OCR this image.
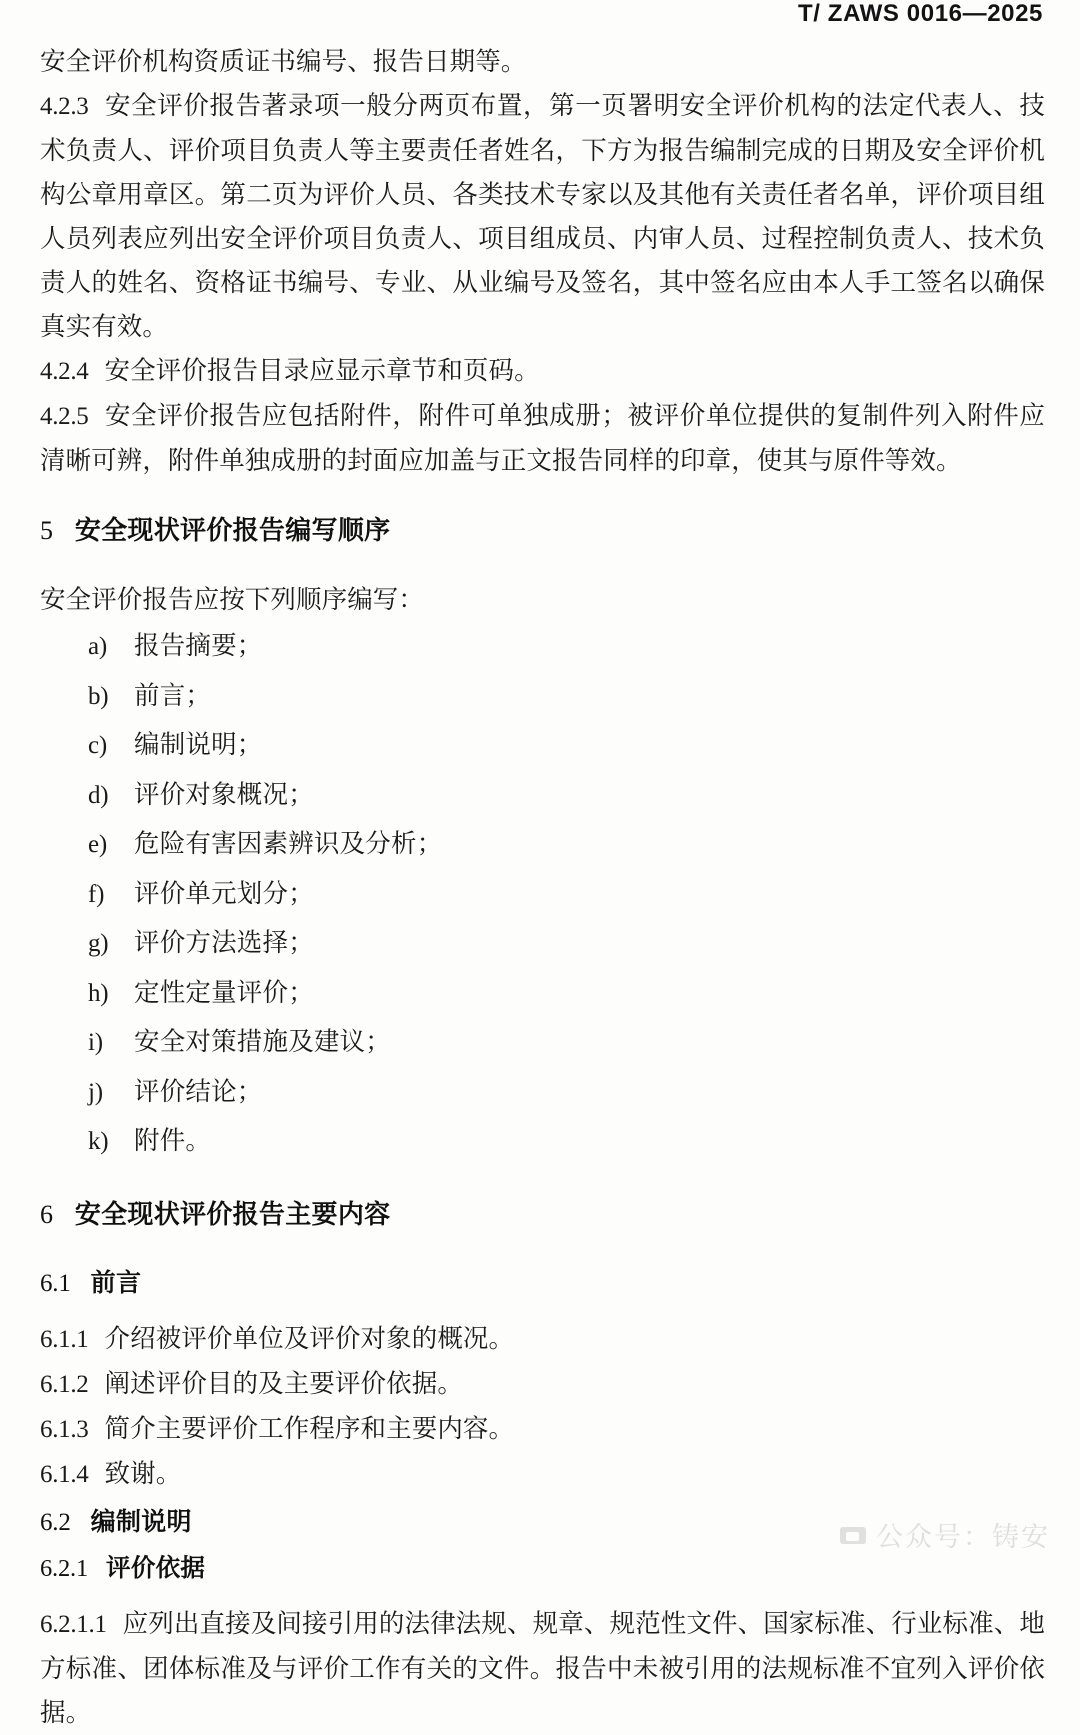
T/ ZAWS 0016—2025

安全评价机构资质证书编号、报告日期等。

4.2.3 安全评价报告著录项一般分两页布置，第一页署明安全评价机构的法定代表人、技术负责人、评价项目负责人等主要责任者姓名，下方为报告编制完成的日期及安全评价机构公章用章区。第二页为评价人员、各类技术专家以及其他有关责任者名单，评价项目组人员列表应列出安全评价项目负责人、项目组成员、内审人员、过程控制负责人、技术负责人的姓名、资格证书编号、专业、从业编号及签名，其中签名应由本人手工签名以确保真实有效。

4.2.4 安全评价报告目录应显示章节和页码。

4.2.5 安全评价报告应包括附件，附件可单独成册；被评价单位提供的复制件列入附件应清晰可辨，附件单独成册的封面应加盖与正文报告同样的印章，使其与原件等效。

5 安全现状评价报告编写顺序

安全评价报告应按下列顺序编写：

a)	报告摘要；
b)	前言；
c)	编制说明；
d)	评价对象概况；
e)	危险有害因素辨识及分析；
f)	评价单元划分；
g)	评价方法选择；
h)	定性定量评价；
i)	安全对策措施及建议；
j)	评价结论；
k)	附件。
6 安全现状评价报告主要内容
6.1 前言

6.1.1 介绍被评价单位及评价对象的概况。

6.1.2 阐述评价目的及主要评价依据。

6.1.3 简介主要评价工作程序和主要内容。

6.1.4 致谢。

6.2 编制说明
6.2.1 评价依据

6.2.1.1 应列出直接及间接引用的法律法规、规章、规范性文件、国家标准、行业标准、地方标准、团体标准及与评价工作有关的文件。报告中未被引用的法规标准不宜列入评价依据。

公众号：铸安
